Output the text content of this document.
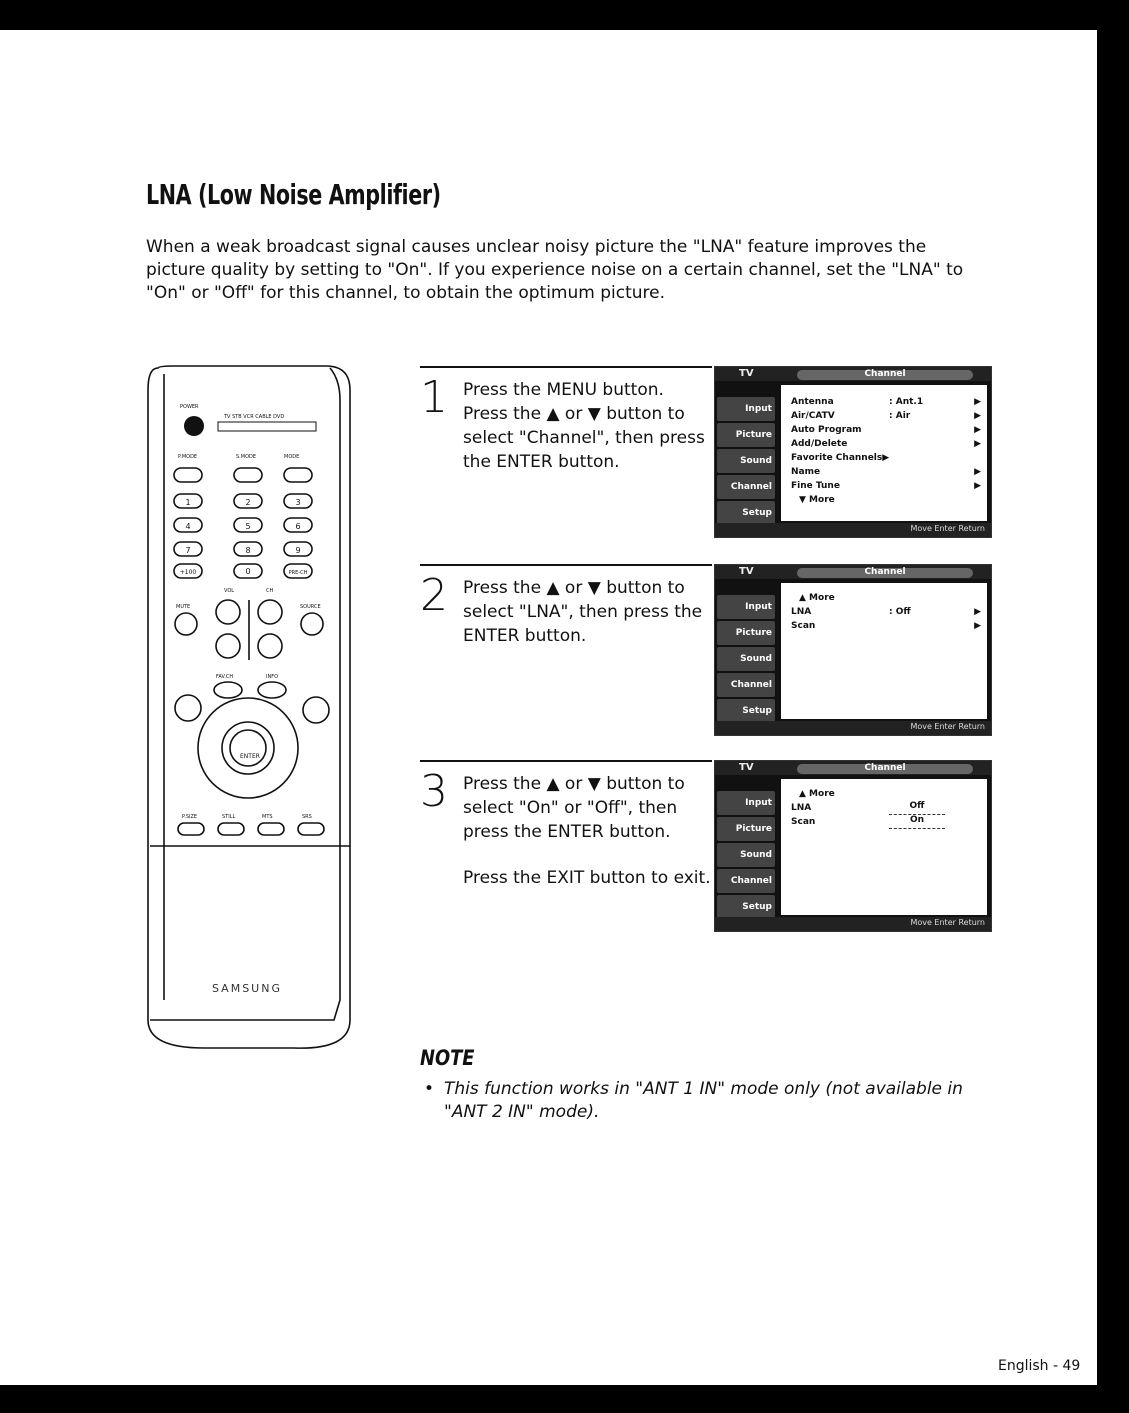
LNA (Low Noise Amplifier)

When a weak broadcast signal causes unclear noisy picture the "LNA" feature improves the picture quality by setting to "On". If you experience noise on a certain channel, set the "LNA" to "On" or "Off" for this channel, to obtain the optimum picture.

POWER
TV STB VCR CABLE DVD
P.MODE	S.MODE	MODE
1	2	3
4	5	6
7	8	9
+100	0	PRE-CH
VOL	CH
MUTE	SOURCE
FAV.CH	INFO
ENTER
P.SIZE	STILL	MTS	SRS
SAMSUNG
1 Press the MENU button. Press the ▲ or ▼ button to select "Channel", then press the ENTER button.

TV	Channel
Input
Picture
Sound
Channel
Setup
Antenna	: Ant.1	▶
Air/CATV	: Air	▶
Auto Program	▶
Add/Delete	▶
Favorite Channels▶
Name	▶
Fine Tune	▶
▼ More
Move Enter Return
2 Press the ▲ or ▼ button to select "LNA", then press the ENTER button.

TV	Channel
Input
Picture
Sound
Channel
Setup
▲ More
LNA	: Off	▶
Scan	▶
Move Enter Return
3 Press the ▲ or ▼ button to select "On" or "Off", then press the ENTER button.

Press the EXIT button to exit.

TV	Channel
Input
Picture
Sound
Channel
Setup
▲ More
LNA
Scan
Off
On
Move Enter Return
NOTE

• This function works in "ANT 1 IN" mode only (not available in "ANT 2 IN" mode).

English - 49
